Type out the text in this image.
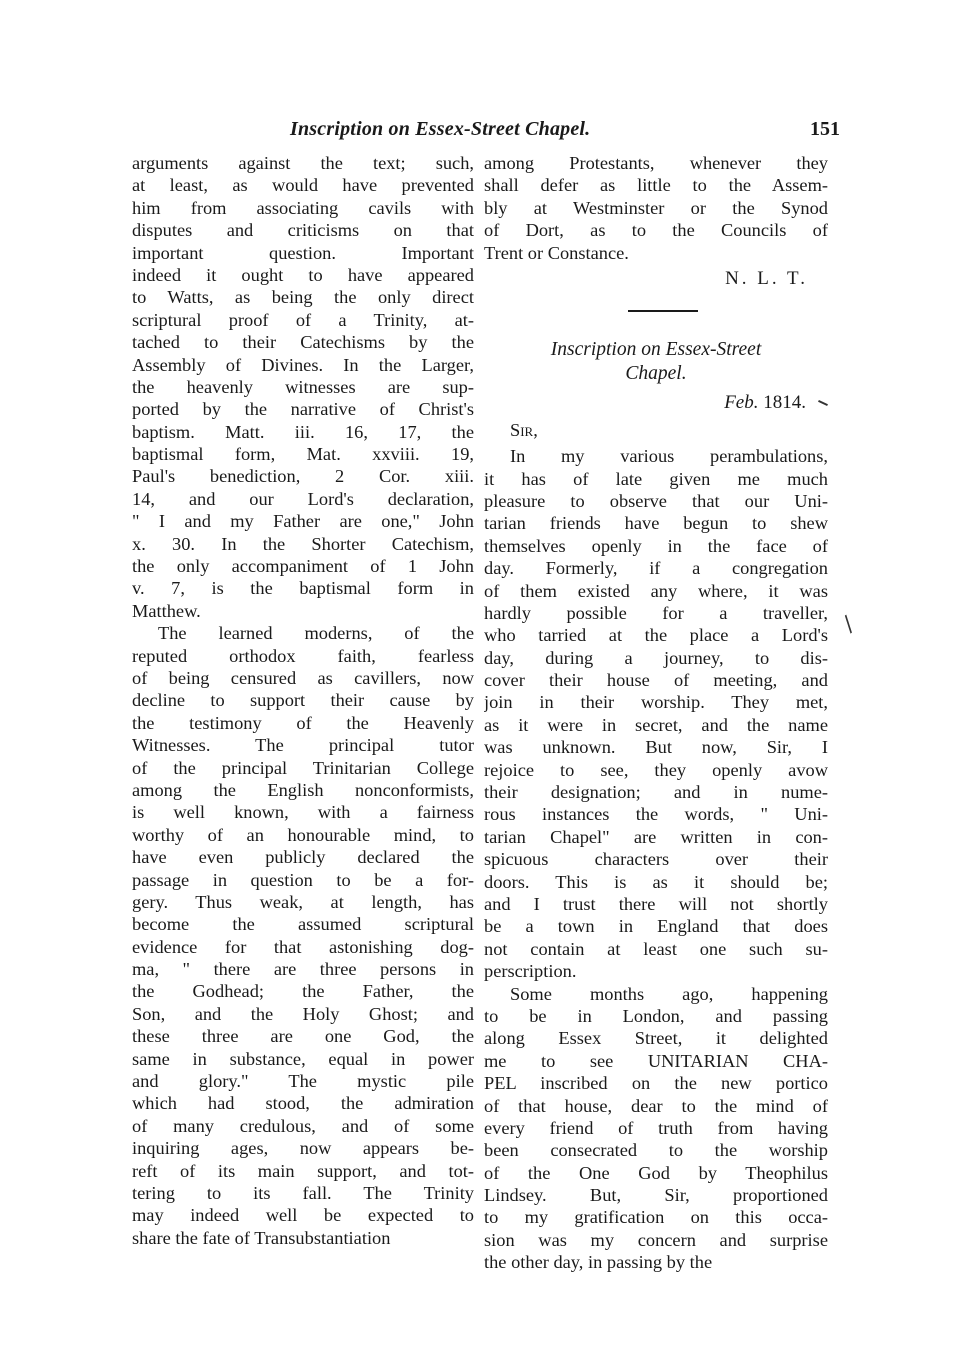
Inscription on Essex-Street Chapel.	151
arguments against the text; such,
at least, as would have prevented
him from associating cavils with
disputes and criticisms on that
important question. Important
indeed it ought to have appeared
to Watts, as being the only direct
scriptural proof of a Trinity, at-
tached to their Catechisms by the
Assembly of Divines. In the Larger,
the heavenly witnesses are sup-
ported by the narrative of Christ's
baptism. Matt. iii. 16, 17, the
baptismal form, Mat. xxviii. 19,
Paul's benediction, 2 Cor. xiii.
14, and our Lord's declaration,
" I and my Father are one," John
x. 30. In the Shorter Catechism,
the only accompaniment of 1 John
v. 7, is the baptismal form in
Matthew.
The learned moderns, of the
reputed orthodox faith, fearless
of being censured as cavillers, now
decline to support their cause by
the testimony of the Heavenly
Witnesses. The principal tutor
of the principal Trinitarian College
among the English nonconformists,
is well known, with a fairness
worthy of an honourable mind, to
have even publicly declared the
passage in question to be a for-
gery. Thus weak, at length, has
become the assumed scriptural
evidence for that astonishing dog-
ma, " there are three persons in
the Godhead; the Father, the
Son, and the Holy Ghost; and
these three are one God, the
same in substance, equal in power
and glory." The mystic pile
which had stood, the admiration
of many credulous, and of some
inquiring ages, now appears be-
reft of its main support, and tot-
tering to its fall. The Trinity
may indeed well be expected to
share the fate of Transubstantiation
among Protestants, whenever they
shall defer as little to the Assem-
bly at Westminster or the Synod
of Dort, as to the Councils of
Trent or Constance.
N. L. T.
Inscription on Essex-Street
Chapel.
Feb. 1814.
Sir,
In my various perambulations,
it has of late given me much
pleasure to observe that our Uni-
tarian friends have begun to shew
themselves openly in the face of
day. Formerly, if a congregation
of them existed any where, it was
hardly possible for a traveller,
who tarried at the place a Lord's
day, during a journey, to dis-
cover their house of meeting, and
join in their worship. They met,
as it were in secret, and the name
was unknown. But now, Sir, I
rejoice to see, they openly avow
their designation; and in nume-
rous instances the words, " Uni-
tarian Chapel" are written in con-
spicuous characters over their
doors. This is as it should be;
and I trust there will not shortly
be a town in England that does
not contain at least one such su-
perscription.
Some months ago, happening
to be in London, and passing
along Essex Street, it delighted
me to see UNITARIAN CHA-
PEL inscribed on the new portico
of that house, dear to the mind of
every friend of truth from having
been consecrated to the worship
of the One God by Theophilus
Lindsey. But, Sir, proportioned
to my gratification on this occa-
sion was my concern and surprise
the other day, in passing by the
/
